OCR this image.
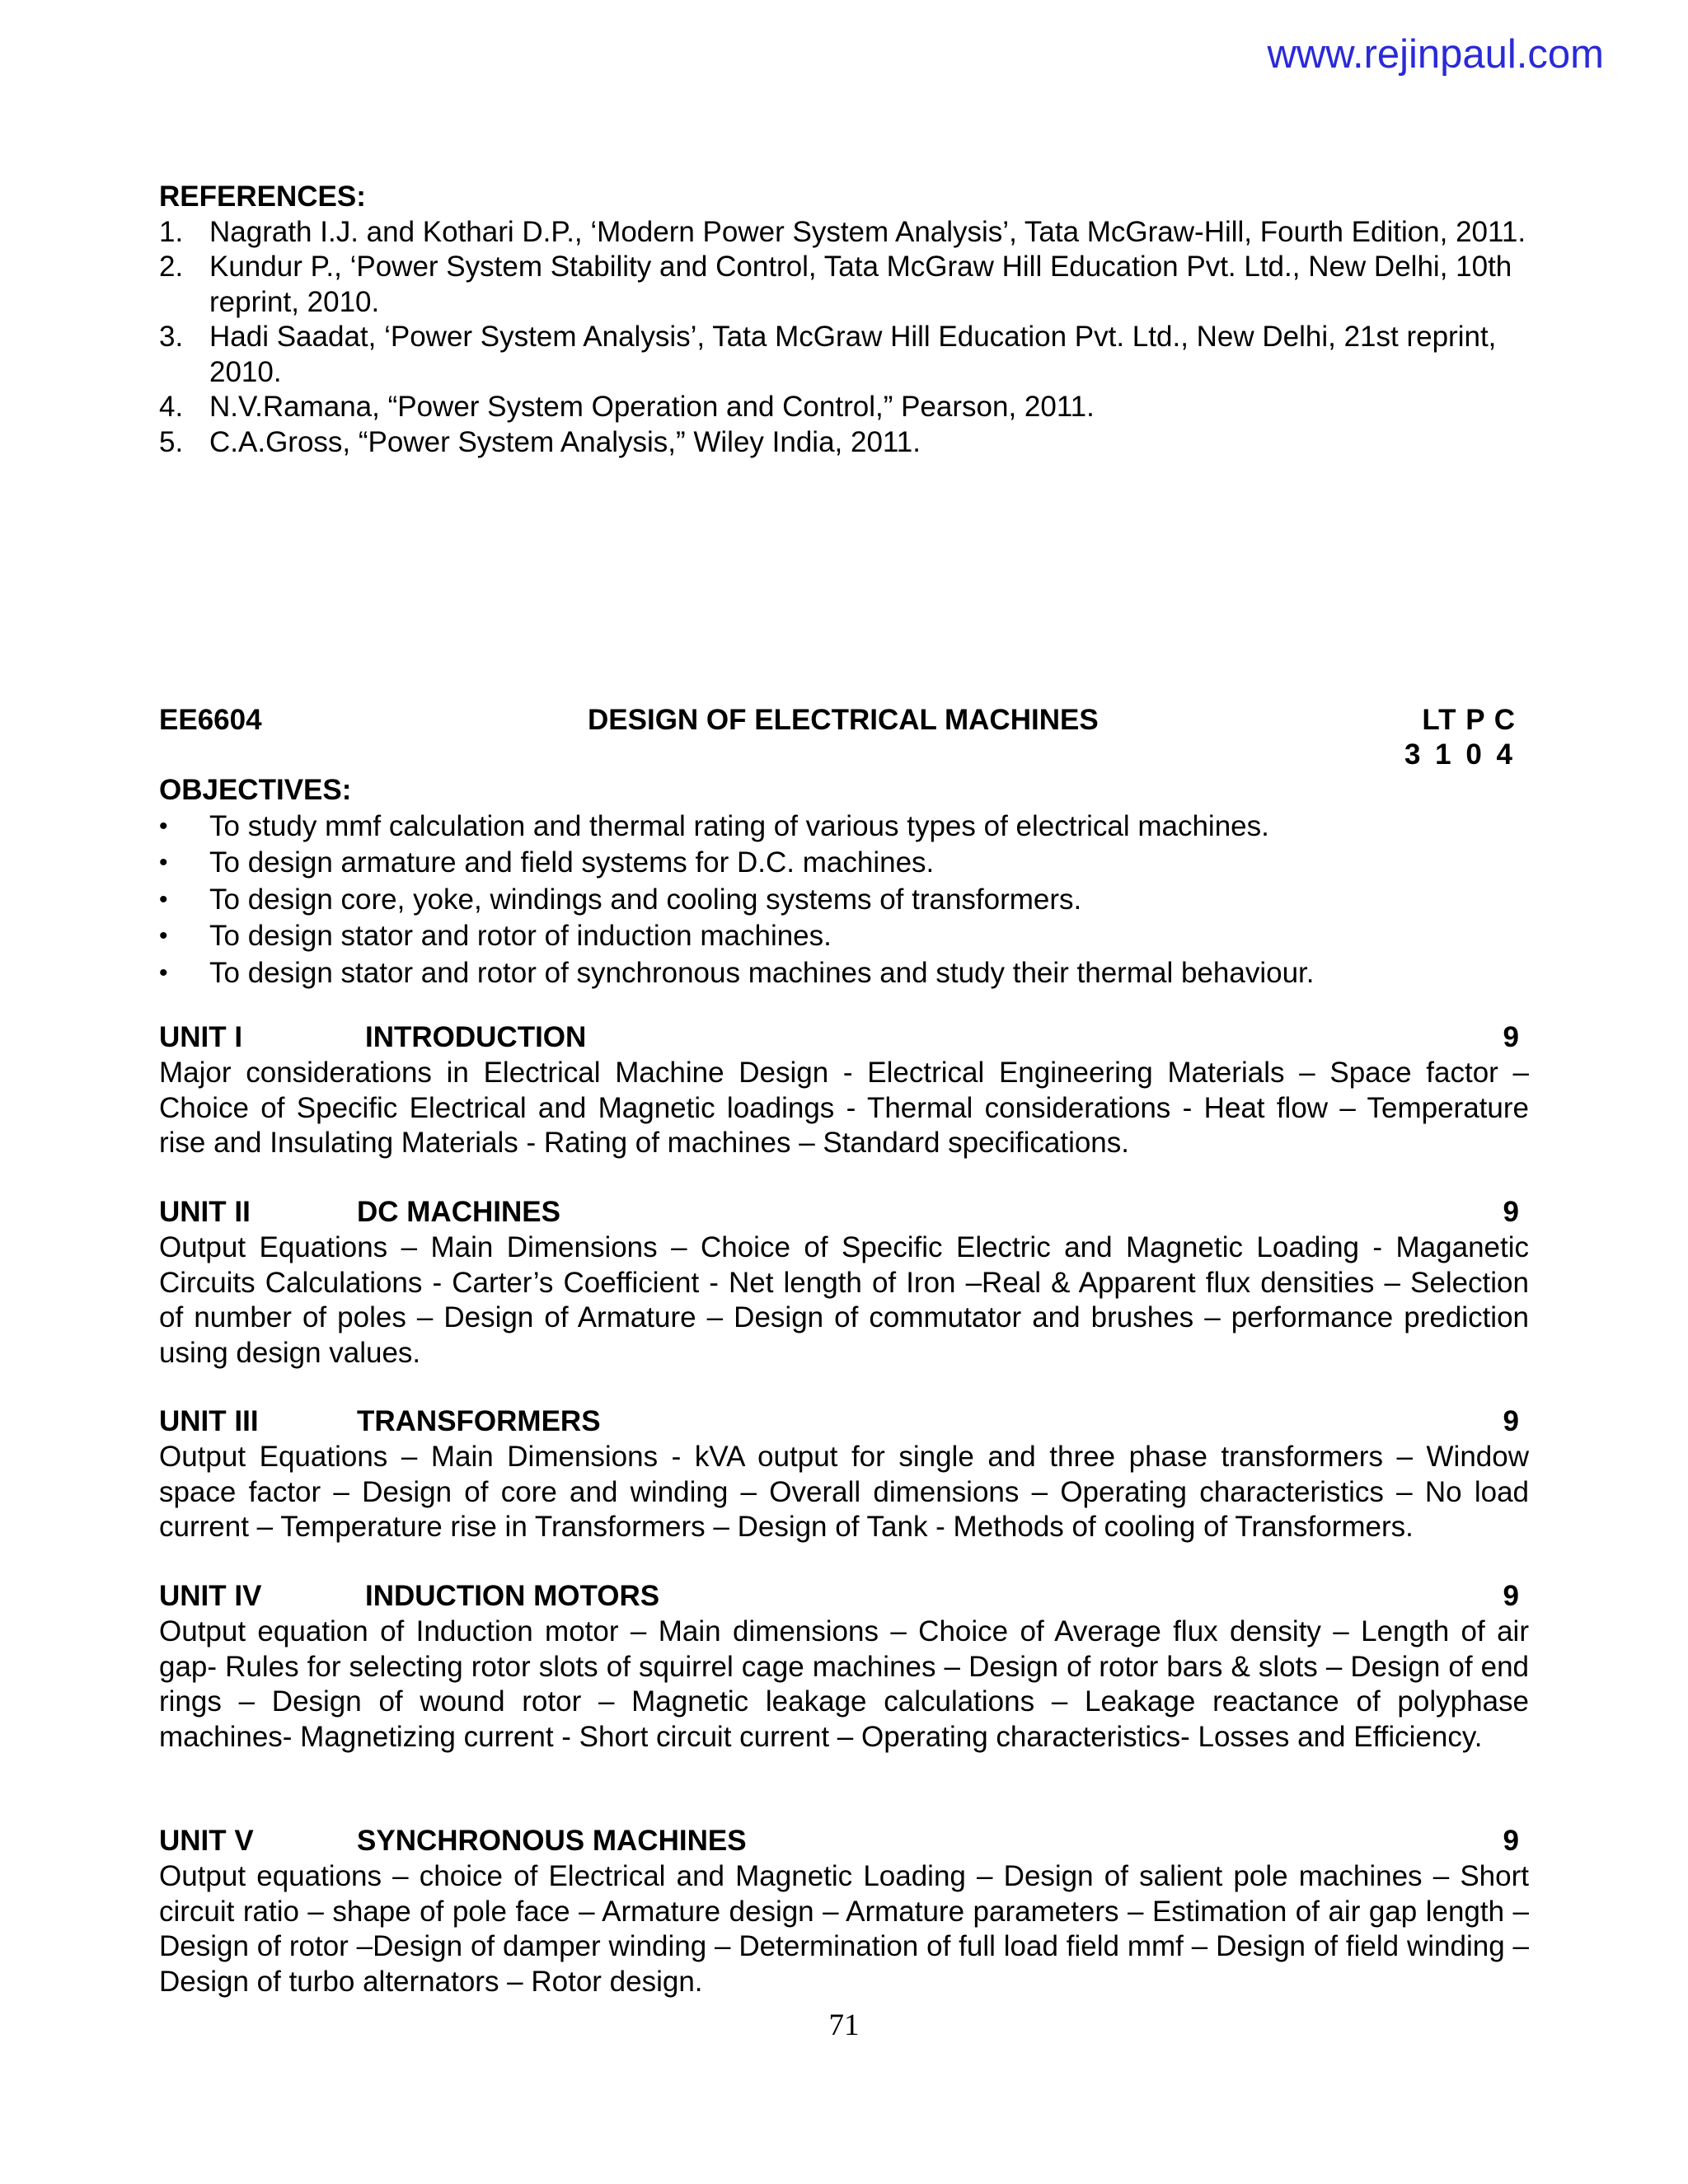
www.rejinpaul.com
REFERENCES:
1. Nagrath I.J. and Kothari D.P., ‘Modern Power System Analysis’, Tata McGraw-Hill, Fourth Edition, 2011.
2. Kundur P., ‘Power System Stability and Control, Tata McGraw Hill Education Pvt. Ltd., New Delhi, 10th reprint, 2010.
3. Hadi Saadat, ‘Power System Analysis’, Tata McGraw Hill Education Pvt. Ltd., New Delhi, 21st reprint, 2010.
4. N.V.Ramana, “Power System Operation and Control,” Pearson, 2011.
5. C.A.Gross, “Power System Analysis,” Wiley India, 2011.
EE6604	DESIGN OF ELECTRICAL MACHINES	LT P C
3 1 0 4
OBJECTIVES:
• To study mmf calculation and thermal rating of various types of electrical machines.
• To design armature and field systems for D.C. machines.
• To design core, yoke, windings and cooling systems of transformers.
• To design stator and rotor of induction machines.
• To design stator and rotor of synchronous machines and study their thermal behaviour.
UNIT I	INTRODUCTION	9
Major considerations in Electrical Machine Design - Electrical Engineering Materials – Space factor – Choice of Specific Electrical and Magnetic loadings - Thermal considerations - Heat flow – Temperature rise and Insulating Materials - Rating of machines – Standard specifications.
UNIT II	DC MACHINES	9
Output Equations – Main Dimensions – Choice of Specific Electric and Magnetic Loading - Maganetic Circuits Calculations - Carter’s Coefficient - Net length of Iron –Real & Apparent flux densities – Selection of number of poles – Design of Armature – Design of commutator and brushes – performance prediction using design values.
UNIT III	TRANSFORMERS	9
Output Equations – Main Dimensions - kVA output for single and three phase transformers – Window space factor – Design of core and winding – Overall dimensions – Operating characteristics – No load current – Temperature rise in Transformers – Design of Tank - Methods of cooling of Transformers.
UNIT IV	INDUCTION MOTORS	9
Output equation of Induction motor – Main dimensions – Choice of Average flux density – Length of air gap- Rules for selecting rotor slots of squirrel cage machines – Design of rotor bars & slots – Design of end rings – Design of wound rotor – Magnetic leakage calculations – Leakage reactance of polyphase machines- Magnetizing current - Short circuit current – Operating characteristics- Losses and Efficiency.
UNIT V	SYNCHRONOUS MACHINES	9
Output equations – choice of Electrical and Magnetic Loading – Design of salient pole machines – Short circuit ratio – shape of pole face – Armature design – Armature parameters – Estimation of air gap length – Design of rotor –Design of damper winding – Determination of full load field mmf – Design of field winding – Design of turbo alternators – Rotor design.
71
